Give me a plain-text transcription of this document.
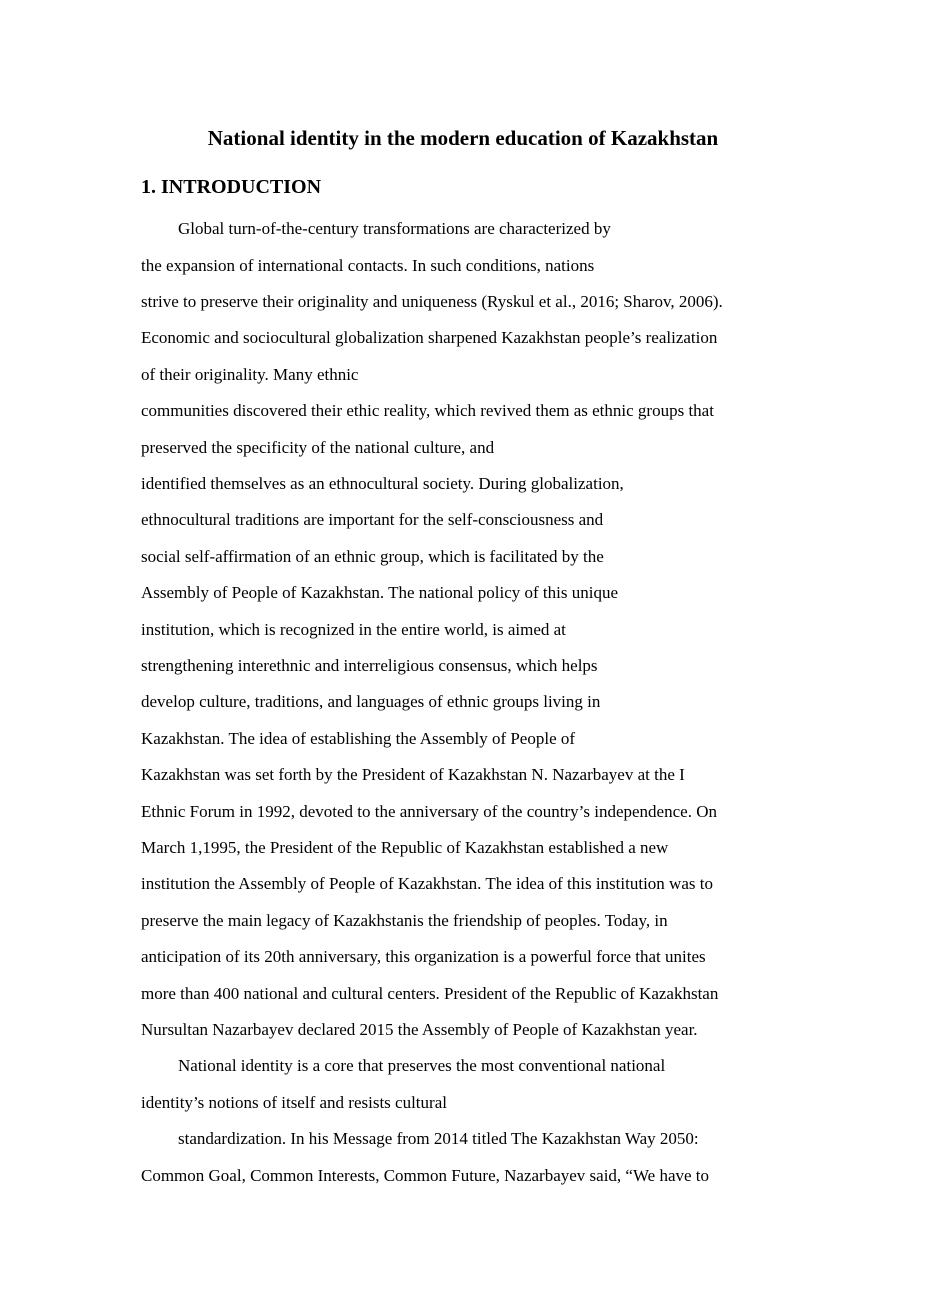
National identity in the modern education of Kazakhstan
1. INTRODUCTION

Global turn-of-the-century transformations are characterized by

the expansion of international contacts. In such conditions, nations

strive to preserve their originality and uniqueness (Ryskul et al., 2016; Sharov, 2006).

Economic and sociocultural globalization sharpened Kazakhstan people’s realization

of their originality. Many ethnic

communities discovered their ethic reality, which revived them as ethnic groups that

preserved the specificity of the national culture, and

identified themselves as an ethnocultural society. During globalization,

ethnocultural traditions are important for the self-consciousness and

social self-affirmation of an ethnic group, which is facilitated by the

Assembly of People of Kazakhstan. The national policy of this unique

institution, which is recognized in the entire world, is aimed at

strengthening interethnic and interreligious consensus, which helps

develop culture, traditions, and languages of ethnic groups living in

Kazakhstan. The idea of establishing the Assembly of People of

Kazakhstan was set forth by the President of Kazakhstan N. Nazarbayev at the I

Ethnic Forum in 1992, devoted to the anniversary of the country’s independence. On

March 1,1995, the President of the Republic of Kazakhstan established a new

institution the Assembly of People of Kazakhstan. The idea of this institution was to

preserve the main legacy of Kazakhstanis the friendship of peoples. Today, in

anticipation of its 20th anniversary, this organization is a powerful force that unites

more than 400 national and cultural centers. President of the Republic of Kazakhstan

Nursultan Nazarbayev declared 2015 the Assembly of People of Kazakhstan year.

National identity is a core that preserves the most conventional national

identity’s notions of itself and resists cultural

standardization. In his Message from 2014 titled The Kazakhstan Way 2050:

Common Goal, Common Interests, Common Future, Nazarbayev said, “We have to
